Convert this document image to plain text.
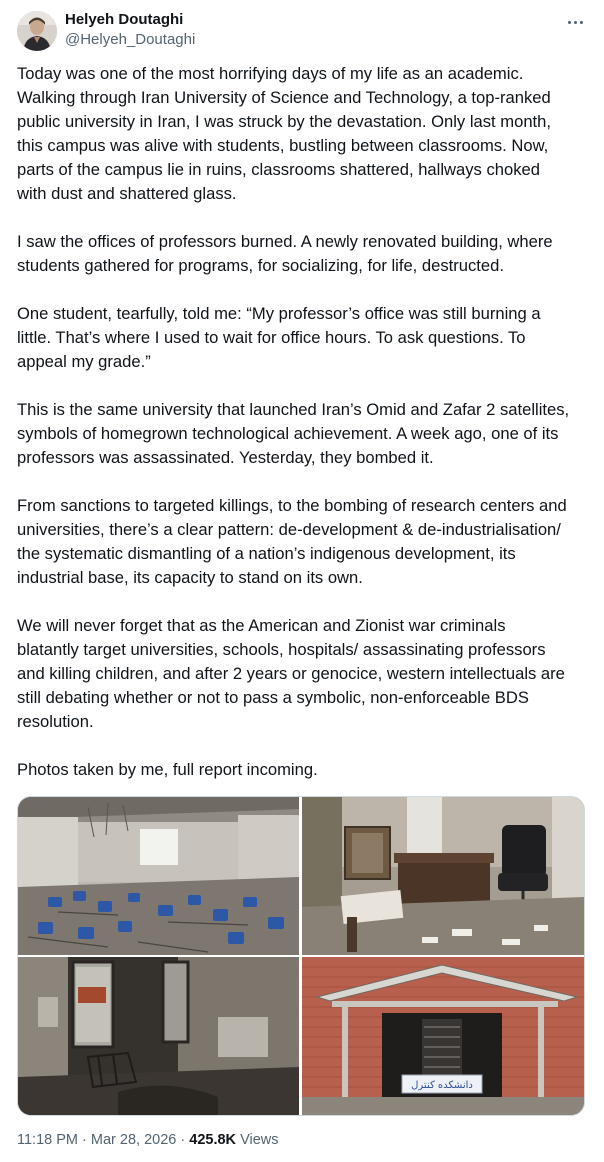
Helyeh Doutaghi
@Helyeh_Doutaghi

Today was one of the most horrifying days of my life as an academic.
Walking through Iran University of Science and Technology, a top-ranked
public university in Iran, I was struck by the devastation. Only last month,
this campus was alive with students, bustling between classrooms. Now,
parts of the campus lie in ruins, classrooms shattered, hallways choked
with dust and shattered glass.

I saw the offices of professors burned. A newly renovated building, where
students gathered for programs, for socializing, for life, destructed.

One student, tearfully, told me: “My professor’s office was still burning a
little. That’s where I used to wait for office hours. To ask questions. To
appeal my grade.”

This is the same university that launched Iran’s Omid and Zafar 2 satellites,
symbols of homegrown technological achievement. A week ago, one of its
professors was assassinated. Yesterday, they bombed it.

From sanctions to targeted killings, to the bombing of research centers and
universities, there’s a clear pattern: de-development & de-industrialisation/
the systematic dismantling of a nation’s indigenous development, its
industrial base, its capacity to stand on its own.

We will never forget that as the American and Zionist war criminals
blatantly target universities, schools, hospitals/ assassinating professors
and killing children, and after 2 years or genocice, western intellectuals are
still debating whether or not to pass a symbolic, non-enforceable BDS
resolution.

Photos taken by me, full report incoming.

دانشکده کنترل
11:18 PM · Mar 28, 2026 · 425.8K Views
